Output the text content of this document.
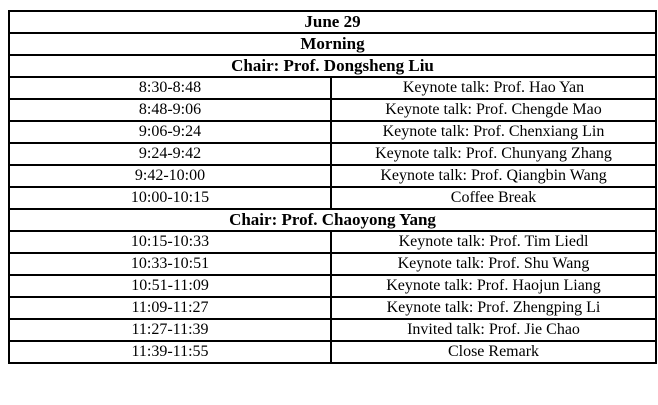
June 29	
Morning	
Chair: Prof. Dongsheng Liu	
8:30-8:48	Keynote talk: Prof. Hao Yan
8:48-9:06	Keynote talk: Prof. Chengde Mao
9:06-9:24	Keynote talk: Prof. Chenxiang Lin
9:24-9:42	Keynote talk: Prof. Chunyang Zhang
9:42-10:00	Keynote talk: Prof. Qiangbin Wang
10:00-10:15	Coffee Break
Chair: Prof. Chaoyong Yang	
10:15-10:33	Keynote talk: Prof. Tim Liedl
10:33-10:51	Keynote talk: Prof. Shu Wang
10:51-11:09	Keynote talk: Prof. Haojun Liang
11:09-11:27	Keynote talk: Prof. Zhengping Li
11:27-11:39	Invited talk: Prof. Jie Chao
11:39-11:55	Close Remark
